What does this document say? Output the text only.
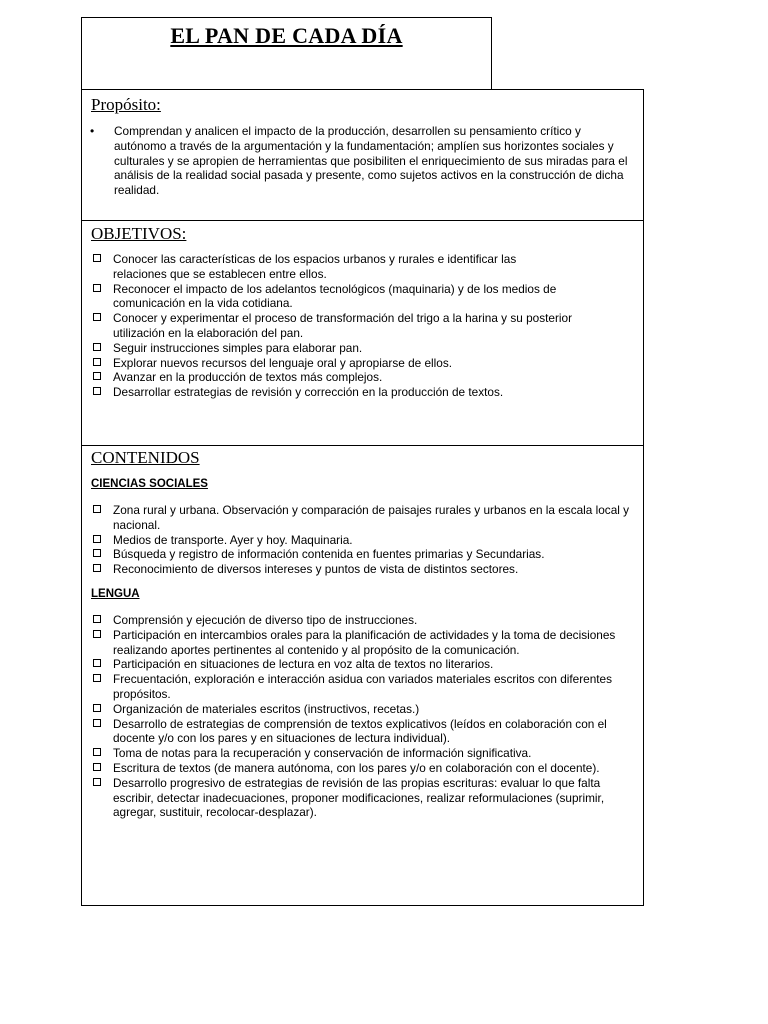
EL PAN DE CADA DÍA
Propósito:
• Comprendan y analicen el impacto de la producción, desarrollen su pensamiento crítico y autónomo a través de la argumentación y la fundamentación; amplíen sus horizontes sociales y culturales y se apropien de herramientas que posibiliten el enriquecimiento de sus miradas para el análisis de la realidad social pasada y presente, como sujetos activos en la construcción de dicha realidad.
OBJETIVOS:
Conocer las características de los espacios urbanos y rurales e identificar las relaciones que se establecen entre ellos.
Reconocer el impacto de los adelantos tecnológicos (maquinaria) y de los medios de comunicación en la vida cotidiana.
Conocer y experimentar el proceso de transformación del trigo a la harina y su posterior utilización en la elaboración del pan.
Seguir instrucciones simples para elaborar pan.
Explorar nuevos recursos del lenguaje oral y apropiarse de ellos.
Avanzar en la producción de textos más complejos.
Desarrollar estrategias de revisión y corrección en la producción de textos.
CONTENIDOS
CIENCIAS SOCIALES
Zona rural y urbana. Observación y comparación de paisajes rurales y urbanos en la escala local y nacional.
Medios de transporte. Ayer y hoy. Maquinaria.
Búsqueda y registro de información contenida en fuentes primarias y Secundarias.
Reconocimiento de diversos intereses y puntos de vista de distintos sectores.
LENGUA
Comprensión y ejecución de diverso tipo de instrucciones.
Participación en intercambios orales para la planificación de actividades y la toma de decisiones realizando aportes pertinentes al contenido y al propósito de la comunicación.
Participación en situaciones de lectura en voz alta de textos no literarios.
Frecuentación, exploración e interacción asidua con variados materiales escritos con diferentes propósitos.
Organización de materiales escritos (instructivos, recetas.)
Desarrollo de estrategias de comprensión de textos explicativos (leídos en colaboración con el docente y/o con los pares y en situaciones de lectura individual).
Toma de notas para la recuperación y conservación de información significativa.
Escritura de textos (de manera autónoma, con los pares y/o en colaboración con el docente).
Desarrollo progresivo de estrategias de revisión de las propias escrituras: evaluar lo que falta escribir, detectar inadecuaciones, proponer modificaciones, realizar reformulaciones (suprimir, agregar, sustituir, recolocar-desplazar).
